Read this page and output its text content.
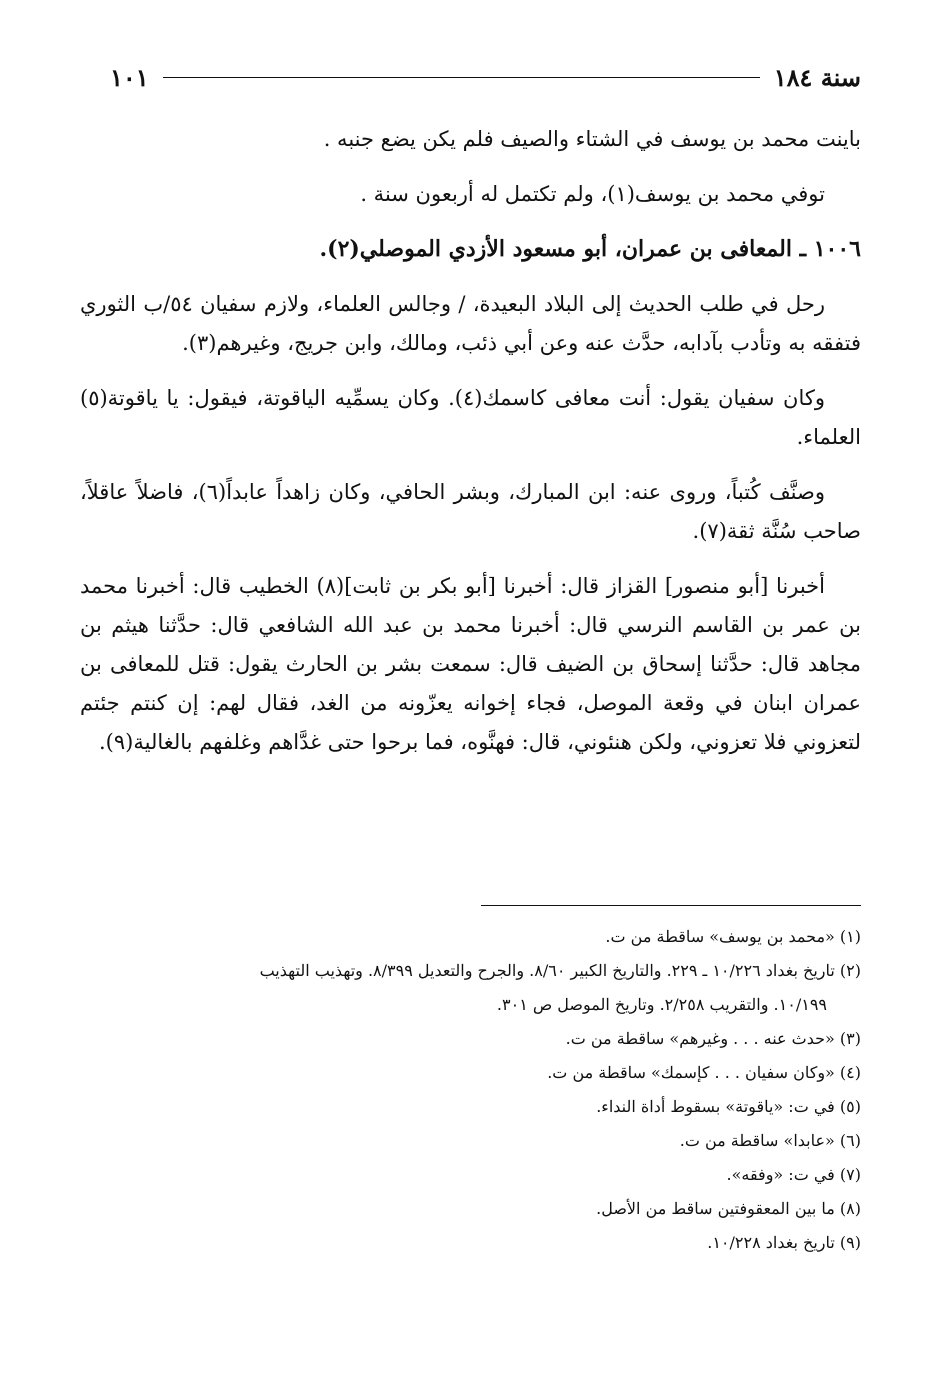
سنة ١٨٤
١٠١

باينت محمد بن يوسف في الشتاء والصيف فلم يكن يضع جنبه .

توفي محمد بن يوسف(١)، ولم تكتمل له أربعون سنة .

١٠٠٦ ـ المعافى بن عمران، أبو مسعود الأزدي الموصلي(٢).

رحل في طلب الحديث إلى البلاد البعيدة، / وجالس العلماء، ولازم سفيان ٥٤/ب الثوري فتفقه به وتأدب بآدابه، حدَّث عنه وعن أبي ذئب، ومالك، وابن جريج، وغيرهم(٣).

وكان سفيان يقول: أنت معافى كاسمك(٤). وكان يسمِّيه الياقوتة، فيقول: يا ياقوتة(٥) العلماء.

وصنَّف كُتباً، وروى عنه: ابن المبارك، وبشر الحافي، وكان زاهداً عابداً(٦)، فاضلاً عاقلاً، صاحب سُنَّة ثقة(٧).

أخبرنا [أبو منصور] القزاز قال: أخبرنا [أبو بكر بن ثابت](٨) الخطيب قال: أخبرنا محمد بن عمر بن القاسم النرسي قال: أخبرنا محمد بن عبد الله الشافعي قال: حدَّثنا هيثم بن مجاهد قال: حدَّثنا إسحاق بن الضيف قال: سمعت بشر بن الحارث يقول: قتل للمعافى بن عمران ابنان في وقعة الموصل، فجاء إخوانه يعزّونه من الغد، فقال لهم: إن كنتم جئتم لتعزوني فلا تعزوني، ولكن هنئوني، قال: فهنَّوه، فما برحوا حتى غدَّاهم وغلفهم بالغالية(٩).

(١) «محمد بن يوسف» ساقطة من ت.
(٢) تاريخ بغداد ١٠/٢٢٦ ـ ٢٢٩. والتاريخ الكبير ٨/٦٠. والجرح والتعديل ٨/٣٩٩. وتهذيب التهذيب
١٠/١٩٩. والتقريب ٢/٢٥٨. وتاريخ الموصل ص ٣٠١.
(٣) «حدث عنه . . . وغيرهم» ساقطة من ت.
(٤) «وكان سفيان . . . كإسمك» ساقطة من ت.
(٥) في ت: «ياقوتة» بسقوط أداة النداء.
(٦) «عابدا» ساقطة من ت.
(٧) في ت: «وفقه».
(٨) ما بين المعقوفتين ساقط من الأصل.
(٩) تاريخ بغداد ١٠/٢٢٨.
